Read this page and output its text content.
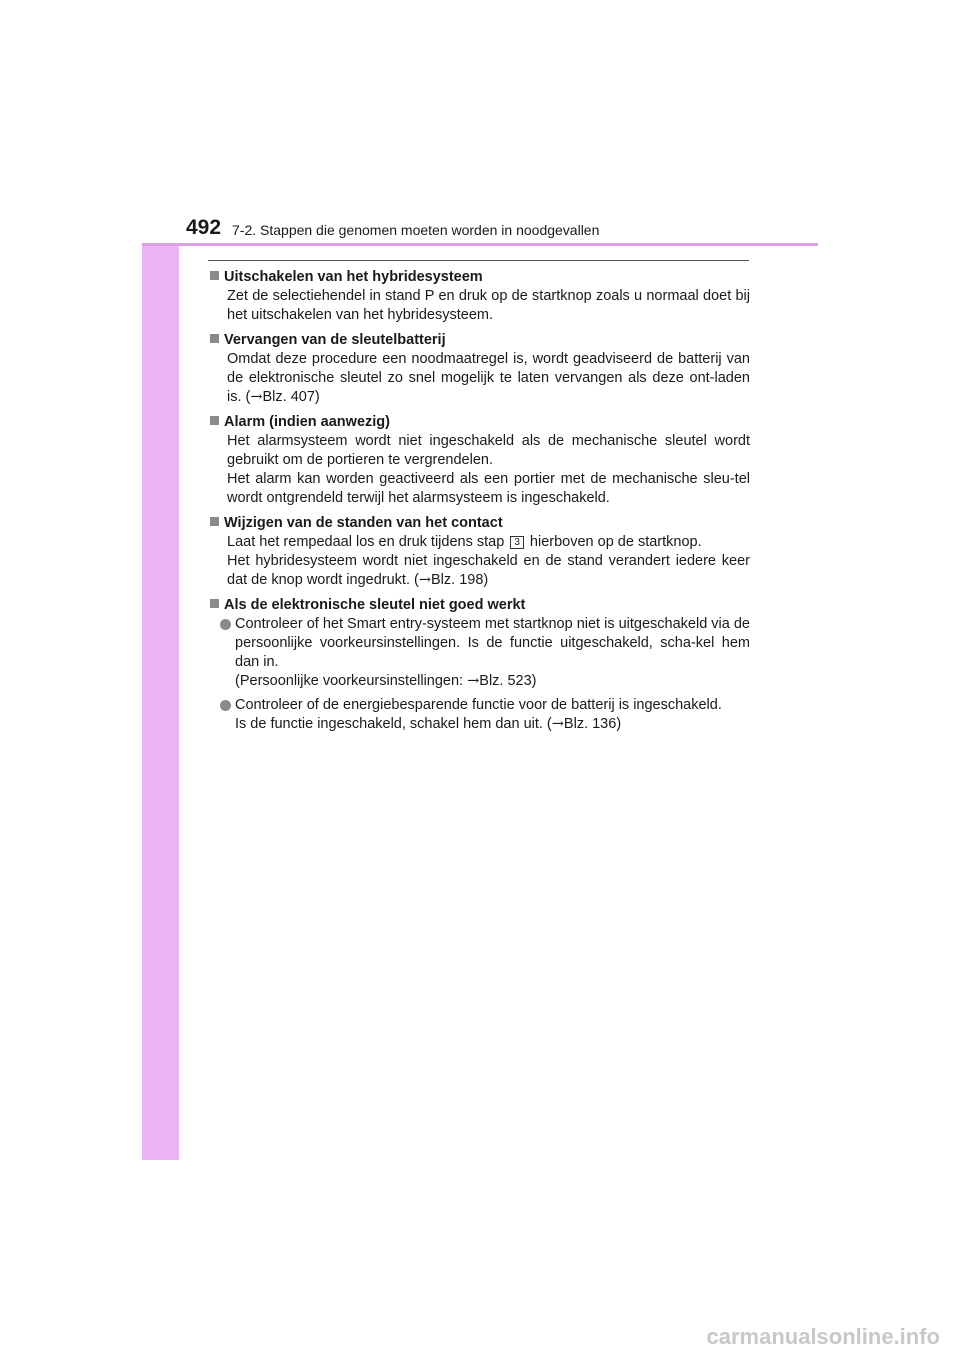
492 7-2. Stappen die genomen moeten worden in noodgevallen
Uitschakelen van het hybridesysteem

Zet de selectiehendel in stand P en druk op de startknop zoals u normaal doet bij het uitschakelen van het hybridesysteem.

Vervangen van de sleutelbatterij

Omdat deze procedure een noodmaatregel is, wordt geadviseerd de batterij van de elektronische sleutel zo snel mogelijk te laten vervangen als deze ont-laden is. (→Blz. 407)

Alarm (indien aanwezig)

Het alarmsysteem wordt niet ingeschakeld als de mechanische sleutel wordt gebruikt om de portieren te vergrendelen.

Het alarm kan worden geactiveerd als een portier met de mechanische sleu-tel wordt ontgrendeld terwijl het alarmsysteem is ingeschakeld.

Wijzigen van de standen van het contact

Laat het rempedaal los en druk tijdens stap 3 hierboven op de startknop.

Het hybridesysteem wordt niet ingeschakeld en de stand verandert iedere keer dat de knop wordt ingedrukt. (→Blz. 198)

Als de elektronische sleutel niet goed werkt
Controleer of het Smart entry-systeem met startknop niet is uitgeschakeld via de persoonlijke voorkeursinstellingen. Is de functie uitgeschakeld, scha-kel hem dan in.
(Persoonlijke voorkeursinstellingen: →Blz. 523)
Controleer of de energiebesparende functie voor de batterij is ingeschakeld.
Is de functie ingeschakeld, schakel hem dan uit. (→Blz. 136)
carmanualsonline.info
